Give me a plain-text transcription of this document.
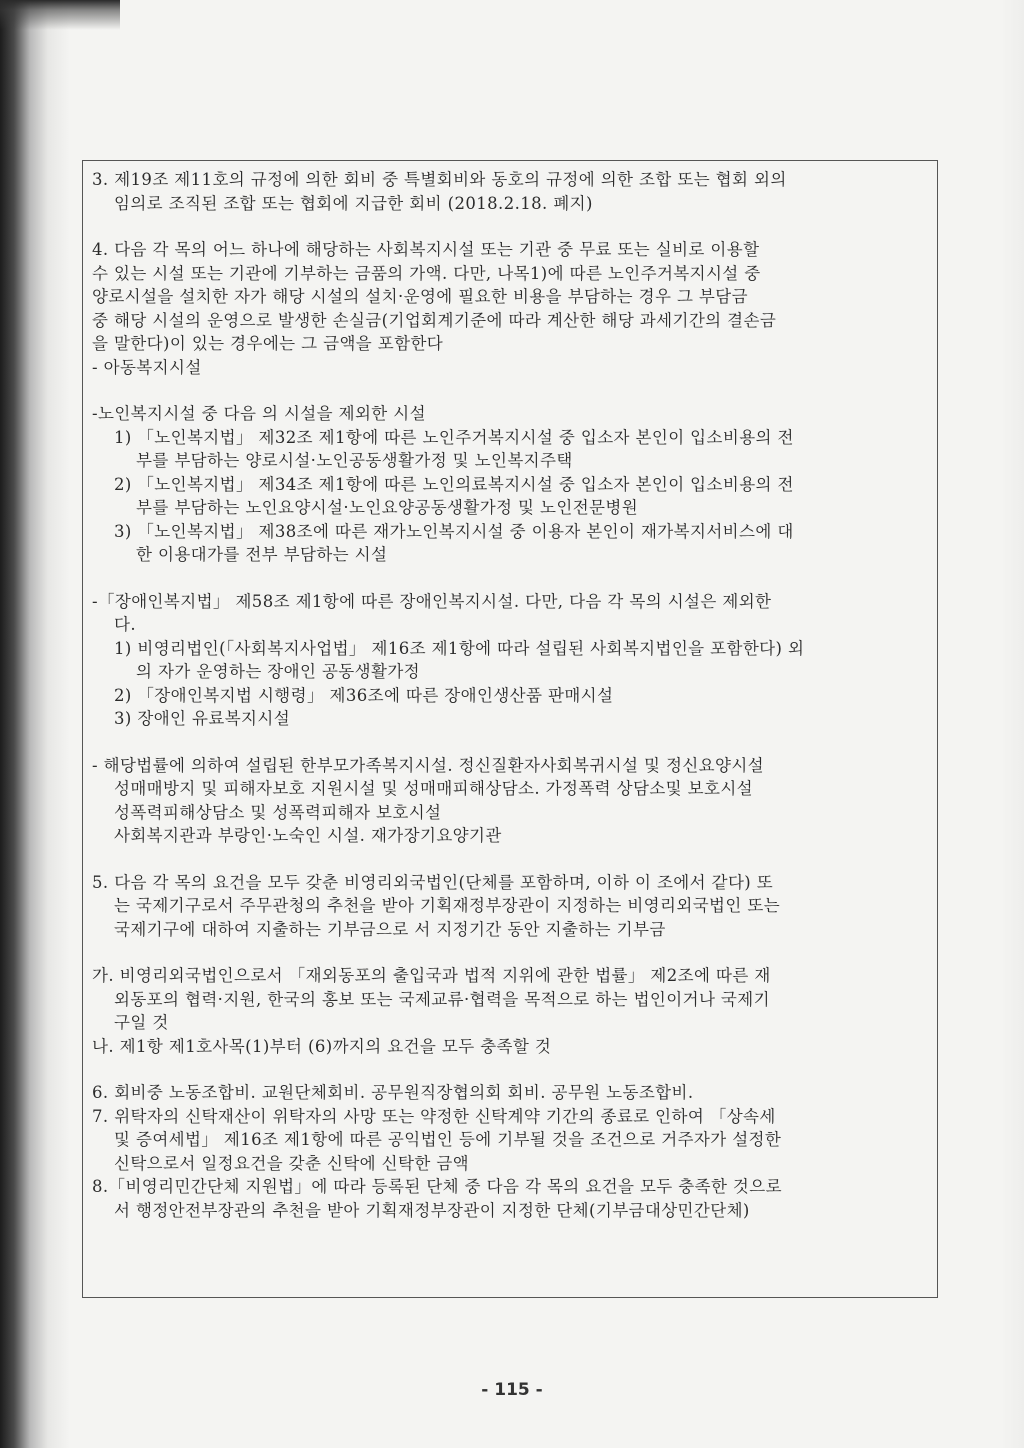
3. 제19조 제11호의 규정에 의한 회비 중 특별회비와 동호의 규정에 의한 조합 또는 협회 외의

임의로 조직된 조합 또는 협회에 지급한 회비 (2018.2.18. 폐지)

4. 다음 각 목의 어느 하나에 해당하는 사회복지시설 또는 기관 중 무료 또는 실비로 이용할

수 있는 시설 또는 기관에 기부하는 금품의 가액. 다만, 나목1)에 따른 노인주거복지시설 중

양로시설을 설치한 자가 해당 시설의 설치·운영에 필요한 비용을 부담하는 경우 그 부담금

중 해당 시설의 운영으로 발생한 손실금(기업회계기준에 따라 계산한 해당 과세기간의 결손금

을 말한다)이 있는 경우에는 그 금액을 포함한다

- 아동복지시설

-노인복지시설 중 다음 의 시설을 제외한 시설

1) 「노인복지법」 제32조 제1항에 따른 노인주거복지시설 중 입소자 본인이 입소비용의 전

부를 부담하는 양로시설·노인공동생활가정 및 노인복지주택

2) 「노인복지법」 제34조 제1항에 따른 노인의료복지시설 중 입소자 본인이 입소비용의 전

부를 부담하는 노인요양시설·노인요양공동생활가정 및 노인전문병원

3) 「노인복지법」 제38조에 따른 재가노인복지시설 중 이용자 본인이 재가복지서비스에 대

한 이용대가를 전부 부담하는 시설

-「장애인복지법」 제58조 제1항에 따른 장애인복지시설. 다만, 다음 각 목의 시설은 제외한

다.

1) 비영리법인(「사회복지사업법」 제16조 제1항에 따라 설립된 사회복지법인을 포함한다) 외

의 자가 운영하는 장애인 공동생활가정

2) 「장애인복지법 시행령」 제36조에 따른 장애인생산품 판매시설

3) 장애인 유료복지시설

- 해당법률에 의하여 설립된 한부모가족복지시설. 정신질환자사회복귀시설 및 정신요양시설

성매매방지 및 피해자보호 지원시설 및 성매매피해상담소. 가정폭력 상담소및 보호시설

성폭력피해상담소 및 성폭력피해자 보호시설

사회복지관과 부랑인·노숙인 시설. 재가장기요양기관

5. 다음 각 목의 요건을 모두 갖춘 비영리외국법인(단체를 포함하며, 이하 이 조에서 같다) 또

는 국제기구로서 주무관청의 추천을 받아 기획재정부장관이 지정하는 비영리외국법인 또는

국제기구에 대하여 지출하는 기부금으로 서 지정기간 동안 지출하는 기부금

가. 비영리외국법인으로서 「재외동포의 출입국과 법적 지위에 관한 법률」 제2조에 따른 재

외동포의 협력·지원, 한국의 홍보 또는 국제교류·협력을 목적으로 하는 법인이거나 국제기

구일 것

나. 제1항 제1호사목(1)부터 (6)까지의 요건을 모두 충족할 것

6. 회비중 노동조합비. 교원단체회비. 공무원직장협의회 회비. 공무원 노동조합비.

7. 위탁자의 신탁재산이 위탁자의 사망 또는 약정한 신탁계약 기간의 종료로 인하여 「상속세

및 증여세법」 제16조 제1항에 따른 공익법인 등에 기부될 것을 조건으로 거주자가 설정한

신탁으로서 일정요건을 갖춘 신탁에 신탁한 금액

8.「비영리민간단체 지원법」에 따라 등록된 단체 중 다음 각 목의 요건을 모두 충족한 것으로

서 행정안전부장관의 추천을 받아 기획재정부장관이 지정한 단체(기부금대상민간단체)

- 115 -
